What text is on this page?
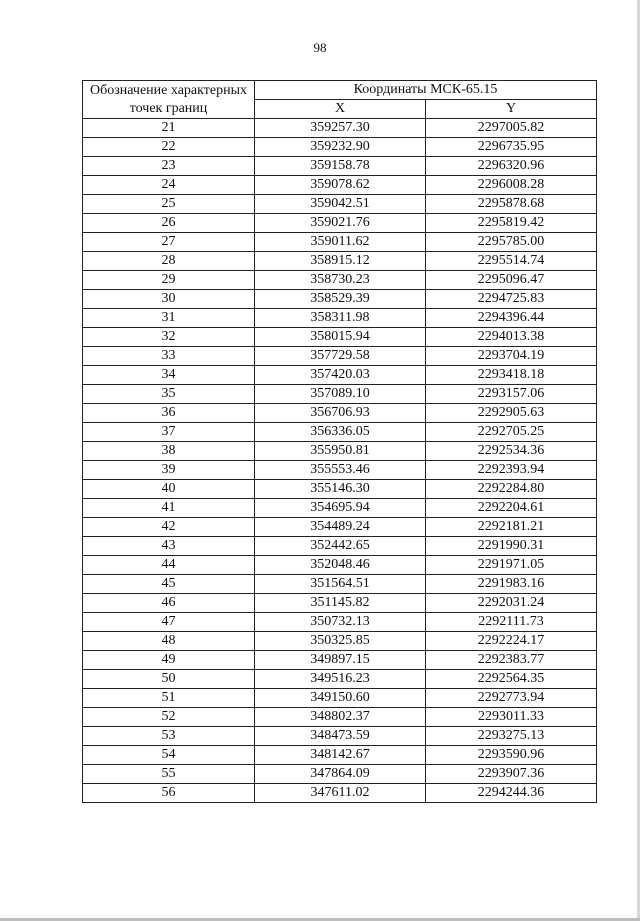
98
Обозначение характерных точек границ	Координаты МСК-65.15	
	X	Y
21	359257.30	2297005.82
22	359232.90	2296735.95
23	359158.78	2296320.96
24	359078.62	2296008.28
25	359042.51	2295878.68
26	359021.76	2295819.42
27	359011.62	2295785.00
28	358915.12	2295514.74
29	358730.23	2295096.47
30	358529.39	2294725.83
31	358311.98	2294396.44
32	358015.94	2294013.38
33	357729.58	2293704.19
34	357420.03	2293418.18
35	357089.10	2293157.06
36	356706.93	2292905.63
37	356336.05	2292705.25
38	355950.81	2292534.36
39	355553.46	2292393.94
40	355146.30	2292284.80
41	354695.94	2292204.61
42	354489.24	2292181.21
43	352442.65	2291990.31
44	352048.46	2291971.05
45	351564.51	2291983.16
46	351145.82	2292031.24
47	350732.13	2292111.73
48	350325.85	2292224.17
49	349897.15	2292383.77
50	349516.23	2292564.35
51	349150.60	2292773.94
52	348802.37	2293011.33
53	348473.59	2293275.13
54	348142.67	2293590.96
55	347864.09	2293907.36
56	347611.02	2294244.36
